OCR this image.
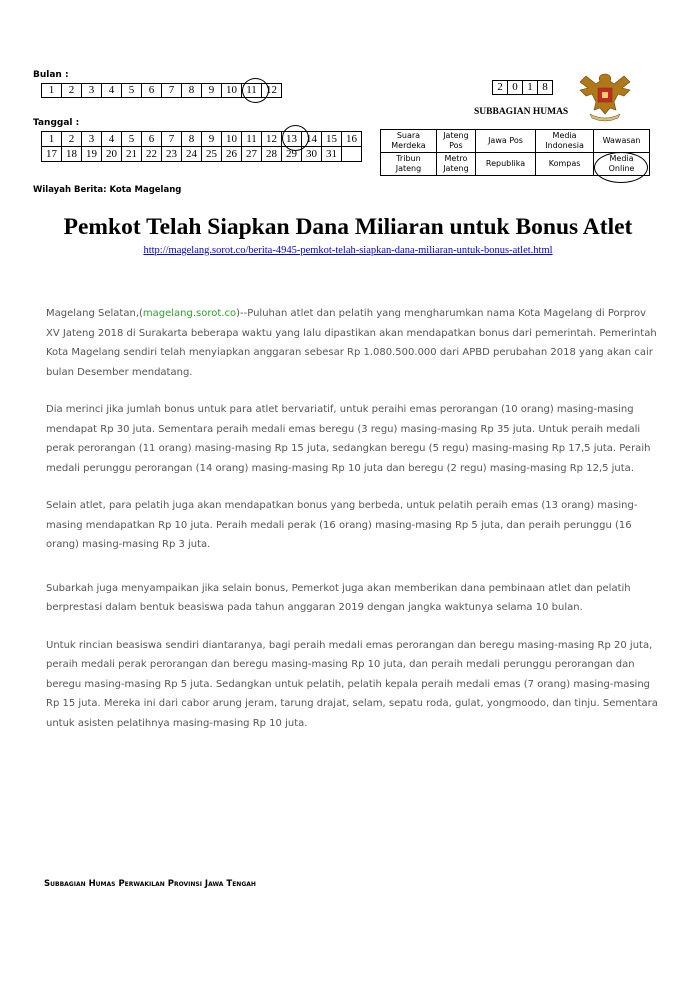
Bulan :
1	2	3	4	5	6	7	8	9	10	11	12
Tanggal :
1	2	3	4	5	6	7	8	9	10	11	12	13	14	15	16
17	18	19	20	21	22	23	24	25	26	27	28	29	30	31	
2	0	1	8
SUBBAGIAN HUMAS
Suara Merdeka	Jateng Pos	Jawa Pos	Media Indonesia	Wawasan
Tribun Jateng	Metro Jateng	Republika	Kompas	Media Online
Wilayah Berita: Kota Magelang
Pemkot Telah Siapkan Dana Miliaran untuk Bonus Atlet
http://magelang.sorot.co/berita-4945-pemkot-telah-siapkan-dana-miliaran-untuk-bonus-atlet.html

Magelang Selatan,(magelang.sorot.co)--Puluhan atlet dan pelatih yang mengharumkan nama Kota Magelang di Porprov XV Jateng 2018 di Surakarta beberapa waktu yang lalu dipastikan akan mendapatkan bonus dari pemerintah. Pemerintah Kota Magelang sendiri telah menyiapkan anggaran sebesar Rp 1.080.500.000 dari APBD perubahan 2018 yang akan cair bulan Desember mendatang.

Dia merinci jika jumlah bonus untuk para atlet bervariatif, untuk peraihi emas perorangan (10 orang) masing-masing mendapat Rp 30 juta. Sementara peraih medali emas beregu (3 regu) masing-masing Rp 35 juta. Untuk peraih medali perak perorangan (11 orang) masing-masing Rp 15 juta, sedangkan beregu (5 regu) masing-masing Rp 17,5 juta. Peraih medali perunggu perorangan (14 orang) masing-masing Rp 10 juta dan beregu (2 regu) masing-masing Rp 12,5 juta.

Selain atlet, para pelatih juga akan mendapatkan bonus yang berbeda, untuk pelatih peraih emas (13 orang) masing-masing mendapatkan Rp 10 juta. Peraih medali perak (16 orang) masing-masing Rp 5 juta, dan peraih perunggu (16 orang) masing-masing Rp 3 juta.

Subarkah juga menyampaikan jika selain bonus, Pemerkot juga akan memberikan dana pembinaan atlet dan pelatih berprestasi dalam bentuk beasiswa pada tahun anggaran 2019 dengan jangka waktunya selama 10 bulan.

Untuk rincian beasiswa sendiri diantaranya, bagi peraih medali emas perorangan dan beregu masing-masing Rp 20 juta, peraih medali perak perorangan dan beregu masing-masing Rp 10 juta, dan peraih medali perunggu perorangan dan beregu masing-masing Rp 5 juta. Sedangkan untuk pelatih, pelatih kepala peraih medali emas (7 orang) masing-masing Rp 15 juta. Mereka ini dari cabor arung jeram, tarung drajat, selam, sepatu roda, gulat, yongmoodo, dan tinju. Sementara untuk asisten pelatihnya masing-masing Rp 10 juta.

Subbagian Humas Perwakilan Provinsi Jawa Tengah
